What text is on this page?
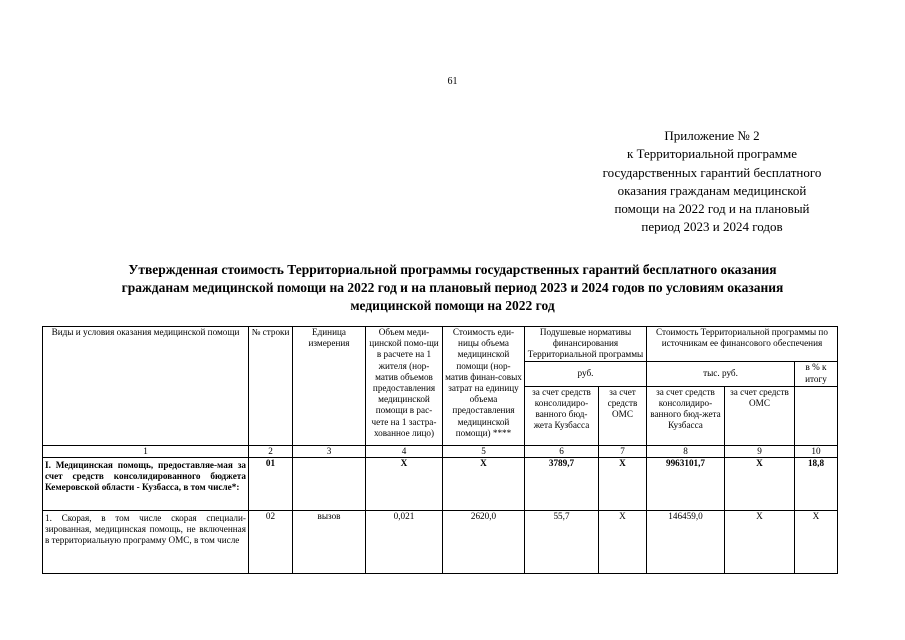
61
Приложение № 2
к Территориальной программе
государственных гарантий бесплатного
оказания гражданам медицинской
помощи на 2022 год и на плановый
период 2023 и 2024 годов
Утвержденная стоимость Территориальной программы государственных гарантий бесплатного оказания
гражданам медицинской помощи на 2022 год и на плановый период 2023 и 2024 годов по условиям оказания
медицинской помощи на 2022 год
Виды и условия оказания медицинской помощи	№ строки	Единица измерения	Объем меди-цинской помо-щи в расчете на 1 жителя (нор-матив объемов предоставления медицинской помощи в рас-чете на 1 застра-хованное лицо)	Стоимость еди-ницы объема медицинской помощи (нор-матив финан-совых затрат на единицу объема предоставления медицинской помощи) ****	Подушевые нормативы финансирования Территориальной программы		Стоимость Территориальной программы по источникам ее финансового обеспечения		
					руб.		тыс. руб.		в % к итогу
					за счет средств консолидиро-ванного бюд-жета Кузбасса	за счет средств ОМС	за счет средств консолидиро-ванного бюд-жета Кузбасса	за счет средств ОМС	
1	2	3	4	5	6	7	8	9	10
I. Медицинская помощь, предоставляе-мая за счет средств консолидированного бюджета Кемеровской области - Кузбасса, в том числе*:	01		Х	Х	3789,7	Х	9963101,7	Х	18,8
1. Скорая, в том числе скорая специали-зированная, медицинская помощь, не включенная в территориальную программу ОМС, в том числе	02	вызов	0,021	2620,0	55,7	Х	146459,0	Х	Х
